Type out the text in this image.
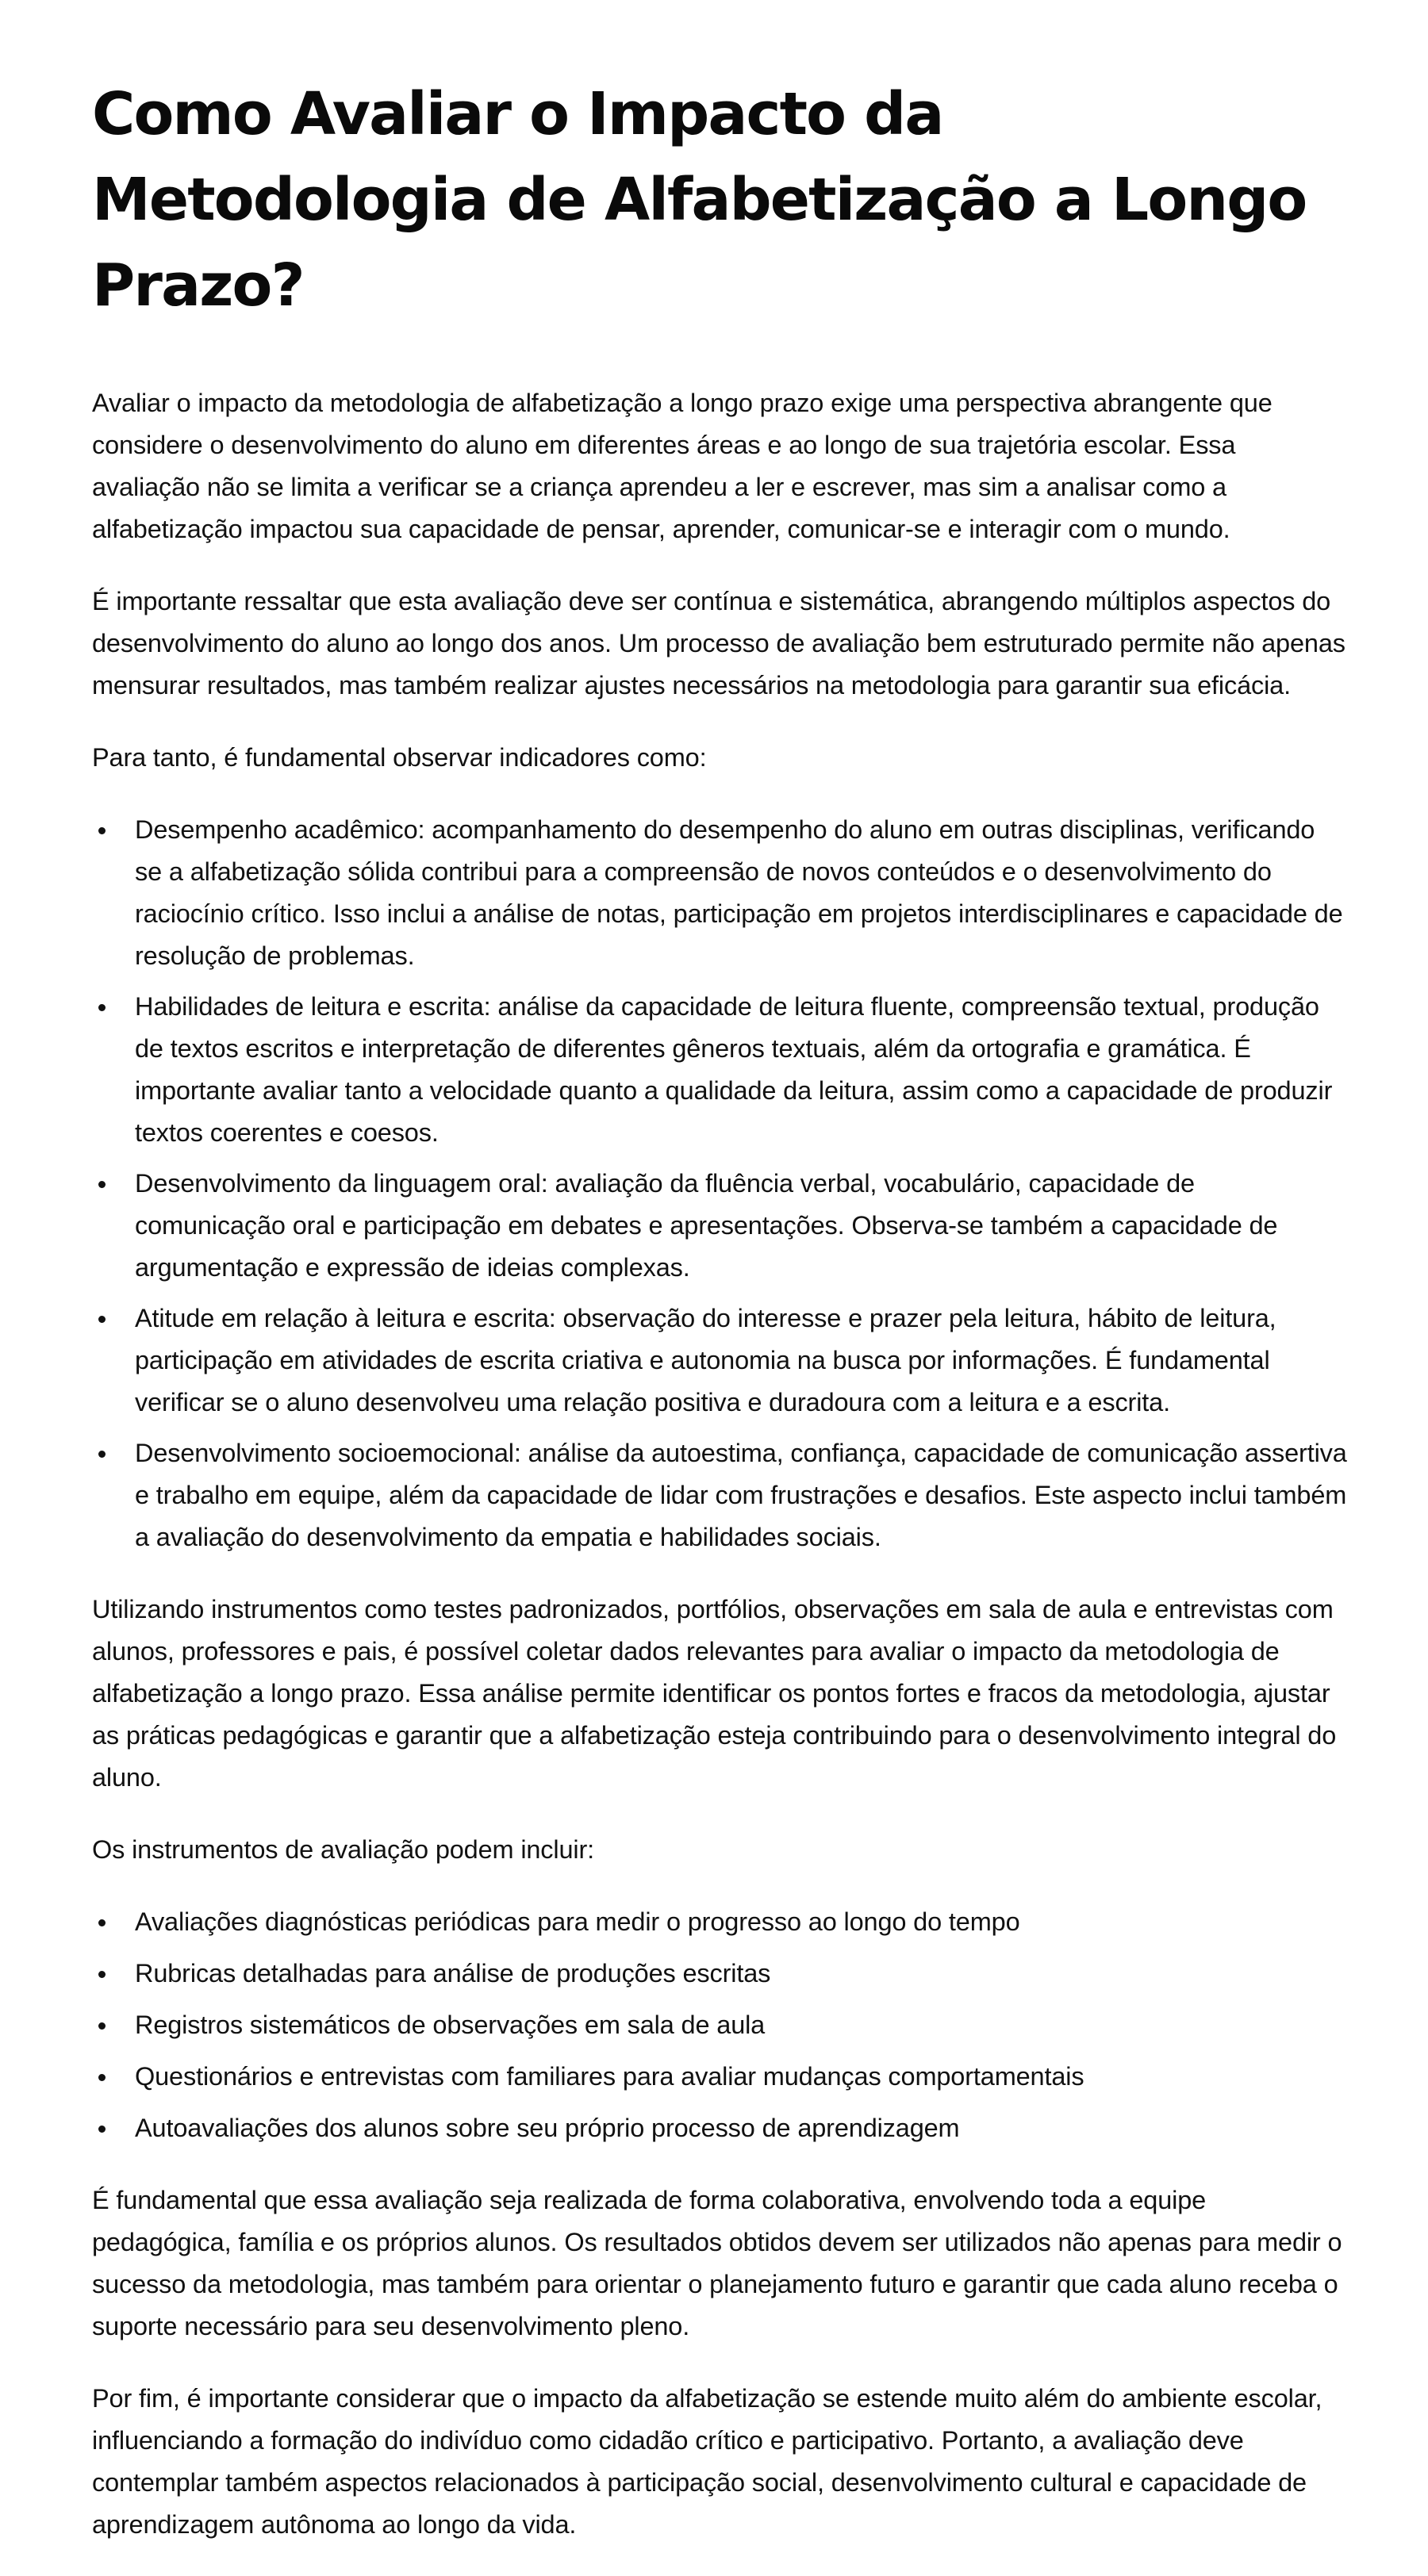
Como Avaliar o Impacto da Metodologia de Alfabetização a Longo Prazo?

Avaliar o impacto da metodologia de alfabetização a longo prazo exige uma perspectiva abrangente que considere o desenvolvimento do aluno em diferentes áreas e ao longo de sua trajetória escolar. Essa avaliação não se limita a verificar se a criança aprendeu a ler e escrever, mas sim a analisar como a alfabetização impactou sua capacidade de pensar, aprender, comunicar-se e interagir com o mundo.

É importante ressaltar que esta avaliação deve ser contínua e sistemática, abrangendo múltiplos aspectos do desenvolvimento do aluno ao longo dos anos. Um processo de avaliação bem estruturado permite não apenas mensurar resultados, mas também realizar ajustes necessários na metodologia para garantir sua eficácia.

Para tanto, é fundamental observar indicadores como:

Desempenho acadêmico: acompanhamento do desempenho do aluno em outras disciplinas, verificando se a alfabetização sólida contribui para a compreensão de novos conteúdos e o desenvolvimento do raciocínio crítico. Isso inclui a análise de notas, participação em projetos interdisciplinares e capacidade de resolução de problemas.
Habilidades de leitura e escrita: análise da capacidade de leitura fluente, compreensão textual, produção de textos escritos e interpretação de diferentes gêneros textuais, além da ortografia e gramática. É importante avaliar tanto a velocidade quanto a qualidade da leitura, assim como a capacidade de produzir textos coerentes e coesos.
Desenvolvimento da linguagem oral: avaliação da fluência verbal, vocabulário, capacidade de comunicação oral e participação em debates e apresentações. Observa-se também a capacidade de argumentação e expressão de ideias complexas.
Atitude em relação à leitura e escrita: observação do interesse e prazer pela leitura, hábito de leitura, participação em atividades de escrita criativa e autonomia na busca por informações. É fundamental verificar se o aluno desenvolveu uma relação positiva e duradoura com a leitura e a escrita.
Desenvolvimento socioemocional: análise da autoestima, confiança, capacidade de comunicação assertiva e trabalho em equipe, além da capacidade de lidar com frustrações e desafios. Este aspecto inclui também a avaliação do desenvolvimento da empatia e habilidades sociais.

Utilizando instrumentos como testes padronizados, portfólios, observações em sala de aula e entrevistas com alunos, professores e pais, é possível coletar dados relevantes para avaliar o impacto da metodologia de alfabetização a longo prazo. Essa análise permite identificar os pontos fortes e fracos da metodologia, ajustar as práticas pedagógicas e garantir que a alfabetização esteja contribuindo para o desenvolvimento integral do aluno.

Os instrumentos de avaliação podem incluir:

Avaliações diagnósticas periódicas para medir o progresso ao longo do tempo
Rubricas detalhadas para análise de produções escritas
Registros sistemáticos de observações em sala de aula
Questionários e entrevistas com familiares para avaliar mudanças comportamentais
Autoavaliações dos alunos sobre seu próprio processo de aprendizagem

É fundamental que essa avaliação seja realizada de forma colaborativa, envolvendo toda a equipe pedagógica, família e os próprios alunos. Os resultados obtidos devem ser utilizados não apenas para medir o sucesso da metodologia, mas também para orientar o planejamento futuro e garantir que cada aluno receba o suporte necessário para seu desenvolvimento pleno.

Por fim, é importante considerar que o impacto da alfabetização se estende muito além do ambiente escolar, influenciando a formação do indivíduo como cidadão crítico e participativo. Portanto, a avaliação deve contemplar também aspectos relacionados à participação social, desenvolvimento cultural e capacidade de aprendizagem autônoma ao longo da vida.
